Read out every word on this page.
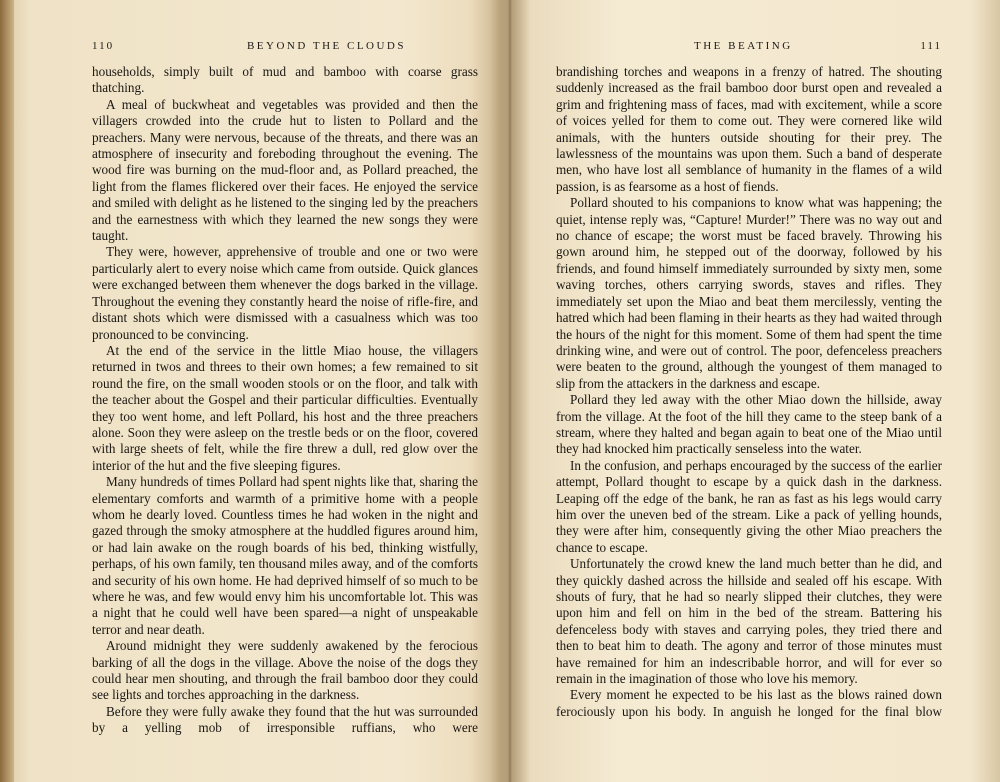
110	BEYOND THE CLOUDS

households, simply built of mud and bamboo with coarse grass thatching.

A meal of buckwheat and vegetables was provided and then the villagers crowded into the crude hut to listen to Pollard and the preachers. Many were nervous, because of the threats, and there was an atmosphere of insecurity and foreboding throughout the evening. The wood fire was burning on the mud-floor and, as Pollard preached, the light from the flames flickered over their faces. He enjoyed the service and smiled with delight as he listened to the singing led by the preachers and the earnestness with which they learned the new songs they were taught.

They were, however, apprehensive of trouble and one or two were particularly alert to every noise which came from outside. Quick glances were exchanged between them whenever the dogs barked in the village. Throughout the evening they constantly heard the noise of rifle-fire, and distant shots which were dismissed with a casualness which was too pronounced to be convincing.

At the end of the service in the little Miao house, the villagers returned in twos and threes to their own homes; a few remained to sit round the fire, on the small wooden stools or on the floor, and talk with the teacher about the Gospel and their particular difficulties. Eventually they too went home, and left Pollard, his host and the three preachers alone. Soon they were asleep on the trestle beds or on the floor, covered with large sheets of felt, while the fire threw a dull, red glow over the interior of the hut and the five sleeping figures.

Many hundreds of times Pollard had spent nights like that, sharing the elementary comforts and warmth of a primitive home with a people whom he dearly loved. Countless times he had woken in the night and gazed through the smoky atmosphere at the huddled figures around him, or had lain awake on the rough boards of his bed, thinking wistfully, perhaps, of his own family, ten thousand miles away, and of the comforts and security of his own home. He had deprived himself of so much to be where he was, and few would envy him his uncomfortable lot. This was a night that he could well have been spared—a night of unspeakable terror and near death.

Around midnight they were suddenly awakened by the ferocious barking of all the dogs in the village. Above the noise of the dogs they could hear men shouting, and through the frail bamboo door they could see lights and torches approaching in the darkness.

Before they were fully awake they found that the hut was surrounded by a yelling mob of irresponsible ruffians, who were

THE BEATING	111

brandishing torches and weapons in a frenzy of hatred. The shouting suddenly increased as the frail bamboo door burst open and revealed a grim and frightening mass of faces, mad with excitement, while a score of voices yelled for them to come out. They were cornered like wild animals, with the hunters outside shouting for their prey. The lawlessness of the mountains was upon them. Such a band of desperate men, who have lost all semblance of humanity in the flames of a wild passion, is as fearsome as a host of fiends.

Pollard shouted to his companions to know what was happening; the quiet, intense reply was, “Capture! Murder!” There was no way out and no chance of escape; the worst must be faced bravely. Throwing his gown around him, he stepped out of the doorway, followed by his friends, and found himself immediately surrounded by sixty men, some waving torches, others carrying swords, staves and rifles. They immediately set upon the Miao and beat them mercilessly, venting the hatred which had been flaming in their hearts as they had waited through the hours of the night for this moment. Some of them had spent the time drinking wine, and were out of control. The poor, defenceless preachers were beaten to the ground, although the youngest of them managed to slip from the attackers in the darkness and escape.

Pollard they led away with the other Miao down the hillside, away from the village. At the foot of the hill they came to the steep bank of a stream, where they halted and began again to beat one of the Miao until they had knocked him practically senseless into the water.

In the confusion, and perhaps encouraged by the success of the earlier attempt, Pollard thought to escape by a quick dash in the darkness. Leaping off the edge of the bank, he ran as fast as his legs would carry him over the uneven bed of the stream. Like a pack of yelling hounds, they were after him, consequently giving the other Miao preachers the chance to escape.

Unfortunately the crowd knew the land much better than he did, and they quickly dashed across the hillside and sealed off his escape. With shouts of fury, that he had so nearly slipped their clutches, they were upon him and fell on him in the bed of the stream. Battering his defenceless body with staves and carrying poles, they tried there and then to beat him to death. The agony and terror of those minutes must have remained for him an indescribable horror, and will for ever so remain in the imagination of those who love his memory.

Every moment he expected to be his last as the blows rained down ferociously upon his body. In anguish he longed for the final blow
